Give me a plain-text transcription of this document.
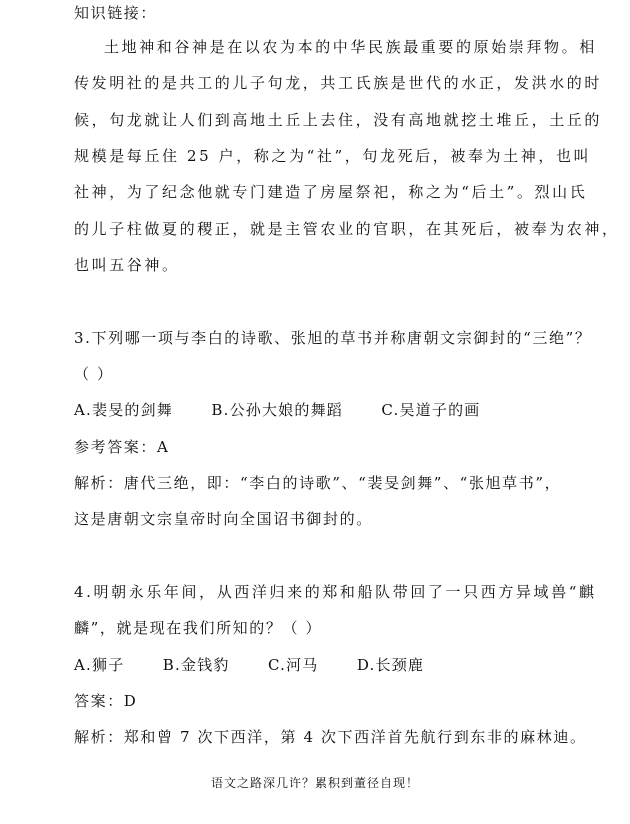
知识链接：
土地神和谷神是在以农为本的中华民族最重要的原始崇拜物。相
传发明社的是共工的儿子句龙，共工氏族是世代的水正，发洪水的时
候，句龙就让人们到高地土丘上去住，没有高地就挖土堆丘，土丘的
规模是每丘住 25 户，称之为“社”，句龙死后，被奉为土神，也叫
社神，为了纪念他就专门建造了房屋祭祀，称之为“后土”。烈山氏
的儿子柱做夏的稷正，就是主管农业的官职，在其死后，被奉为农神，
也叫五谷神。
3.下列哪一项与李白的诗歌、张旭的草书并称唐朝文宗御封的“三绝”？
（ ）
A.裴旻的剑舞	B.公孙大娘的舞蹈	C.吴道子的画
参考答案：A
解析：唐代三绝，即：“李白的诗歌”、“裴旻剑舞”、“张旭草书”，
这是唐朝文宗皇帝时向全国诏书御封的。
4.明朝永乐年间，从西洋归来的郑和船队带回了一只西方异域兽“麒
麟”，就是现在我们所知的？（ ）
A.狮子	B.金钱豹	C.河马	D.长颈鹿
答案：D
解析：郑和曾 7 次下西洋，第 4 次下西洋首先航行到东非的麻林迪。
语文之路深几许？累积到董径自现！
